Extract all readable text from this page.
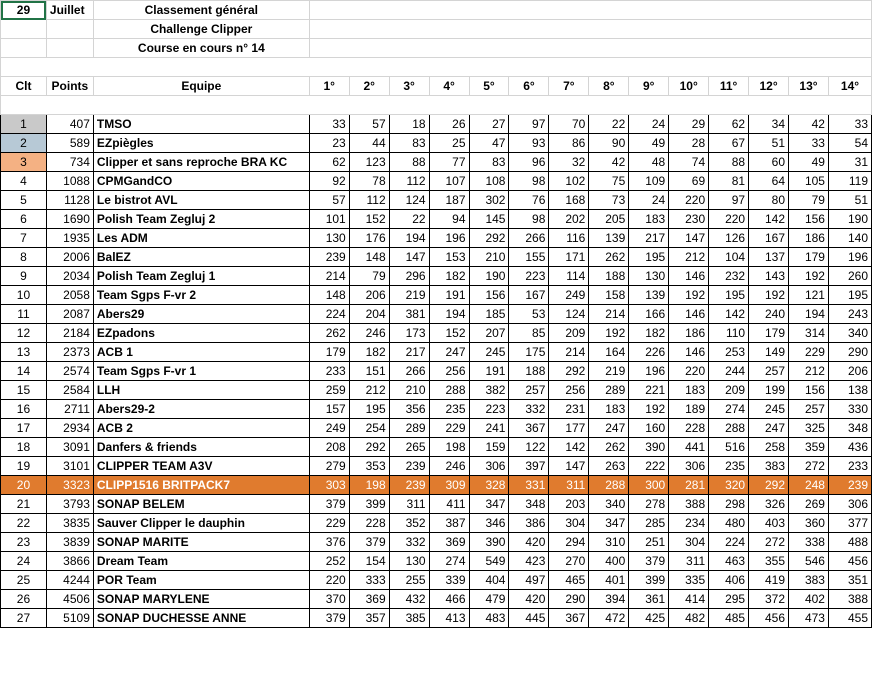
29	Juillet	Classement général														
		Challenge Clipper														
		Course en cours n° 14														

Clt	Points	Equipe	1°	2°	3°	4°	5°	6°	7°	8°	9°	10°	11°	12°	13°	14°

1	407	TMSO	33	57	18	26	27	97	70	22	24	29	62	34	42	33
2	589	EZpiègles	23	44	83	25	47	93	86	90	49	28	67	51	33	54
3	734	Clipper et sans reproche BRA KC	62	123	88	77	83	96	32	42	48	74	88	60	49	31
4	1088	CPMGandCO	92	78	112	107	108	98	102	75	109	69	81	64	105	119
5	1128	Le bistrot AVL	57	112	124	187	302	76	168	73	24	220	97	80	79	51
6	1690	Polish Team Zegluj 2	101	152	22	94	145	98	202	205	183	230	220	142	156	190
7	1935	Les ADM	130	176	194	196	292	266	116	139	217	147	126	167	186	140
8	2006	BalEZ	239	148	147	153	210	155	171	262	195	212	104	137	179	196
9	2034	Polish Team Zegluj 1	214	79	296	182	190	223	114	188	130	146	232	143	192	260
10	2058	Team Sgps F-vr 2	148	206	219	191	156	167	249	158	139	192	195	192	121	195
11	2087	Abers29	224	204	381	194	185	53	124	214	166	146	142	240	194	243
12	2184	EZpadons	262	246	173	152	207	85	209	192	182	186	110	179	314	340
13	2373	ACB 1	179	182	217	247	245	175	214	164	226	146	253	149	229	290
14	2574	Team Sgps F-vr 1	233	151	266	256	191	188	292	219	196	220	244	257	212	206
15	2584	LLH	259	212	210	288	382	257	256	289	221	183	209	199	156	138
16	2711	Abers29-2	157	195	356	235	223	332	231	183	192	189	274	245	257	330
17	2934	ACB 2	249	254	289	229	241	367	177	247	160	228	288	247	325	348
18	3091	Danfers & friends	208	292	265	198	159	122	142	262	390	441	516	258	359	436
19	3101	CLIPPER TEAM A3V	279	353	239	246	306	397	147	263	222	306	235	383	272	233
20	3323	CLIPP1516 BRITPACK7	303	198	239	309	328	331	311	288	300	281	320	292	248	239
21	3793	SONAP BELEM	379	399	311	411	347	348	203	340	278	388	298	326	269	306
22	3835	Sauver Clipper le dauphin	229	228	352	387	346	386	304	347	285	234	480	403	360	377
23	3839	SONAP MARITE	376	379	332	369	390	420	294	310	251	304	224	272	338	488
24	3866	Dream Team	252	154	130	274	549	423	270	400	379	311	463	355	546	456
25	4244	POR Team	220	333	255	339	404	497	465	401	399	335	406	419	383	351
26	4506	SONAP MARYLENE	370	369	432	466	479	420	290	394	361	414	295	372	402	388
27	5109	SONAP DUCHESSE ANNE	379	357	385	413	483	445	367	472	425	482	485	456	473	455
